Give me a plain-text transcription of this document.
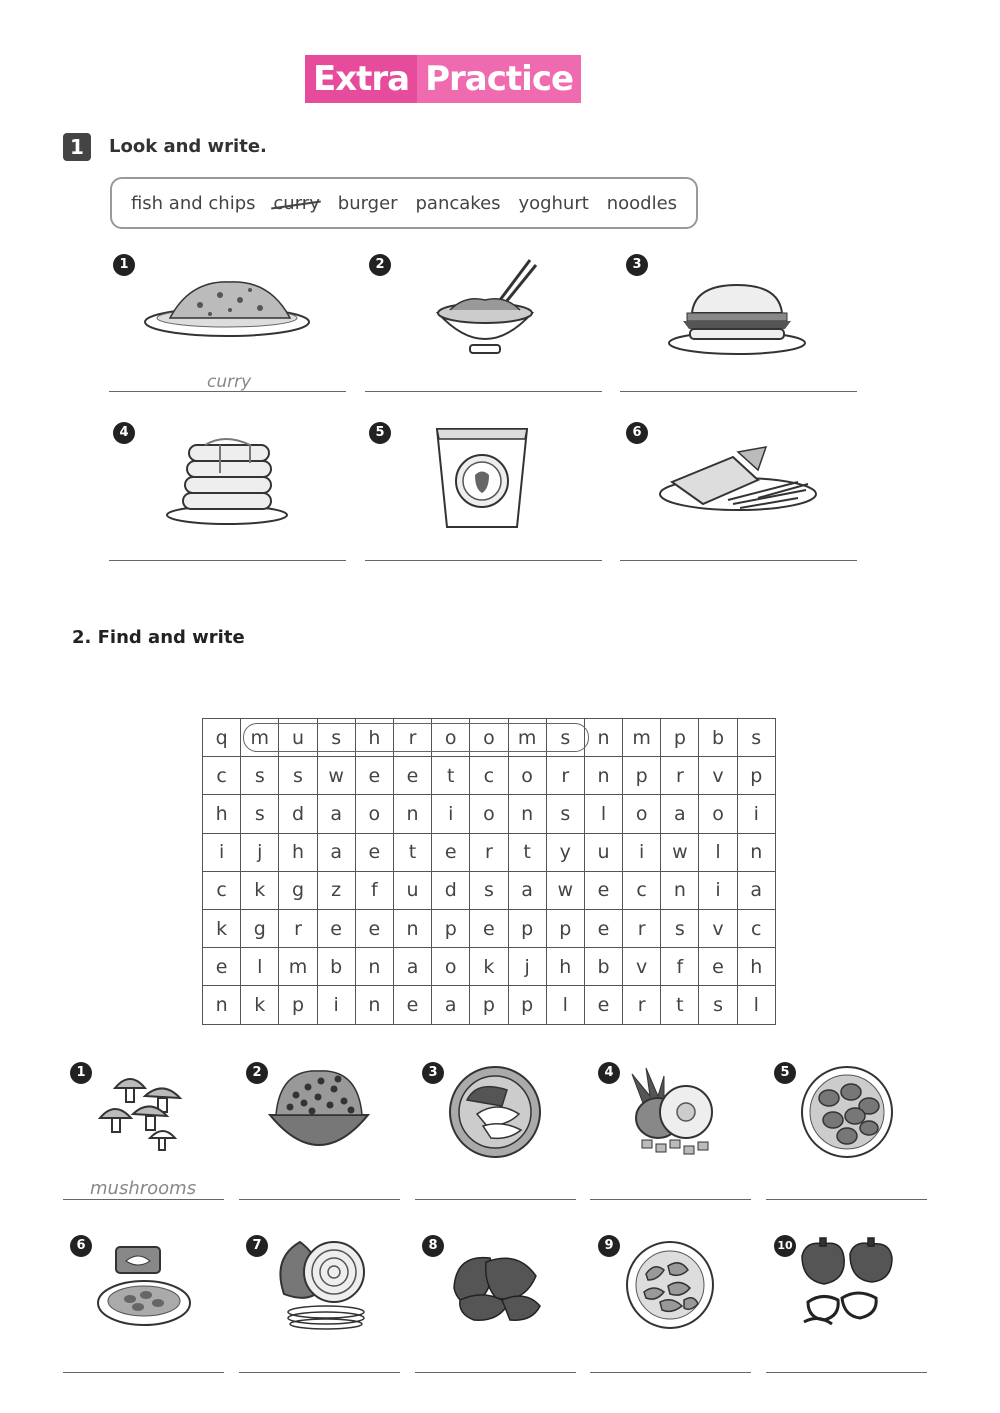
Extra Practice
1	Look and write.
fish and chips curry burger pancakes yoghurt noodles
1
curry
2	3
4	5	6
2. Find and write
q	m	u	s	h	r	o	o	m	s	n	m	p	b	s
c	s	s	w	e	e	t	c	o	r	n	p	r	v	p
h	s	d	a	o	n	i	o	n	s	l	o	a	o	i
i	j	h	a	e	t	e	r	t	y	u	i	w	l	n
c	k	g	z	f	u	d	s	a	w	e	c	n	i	a
k	g	r	e	e	n	p	e	p	p	e	r	s	v	c
e	l	m	b	n	a	o	k	j	h	b	v	f	e	h
n	k	p	i	n	e	a	p	p	l	e	r	t	s	l
1
mushrooms
2	3	4	5
6	7	8	9	10
